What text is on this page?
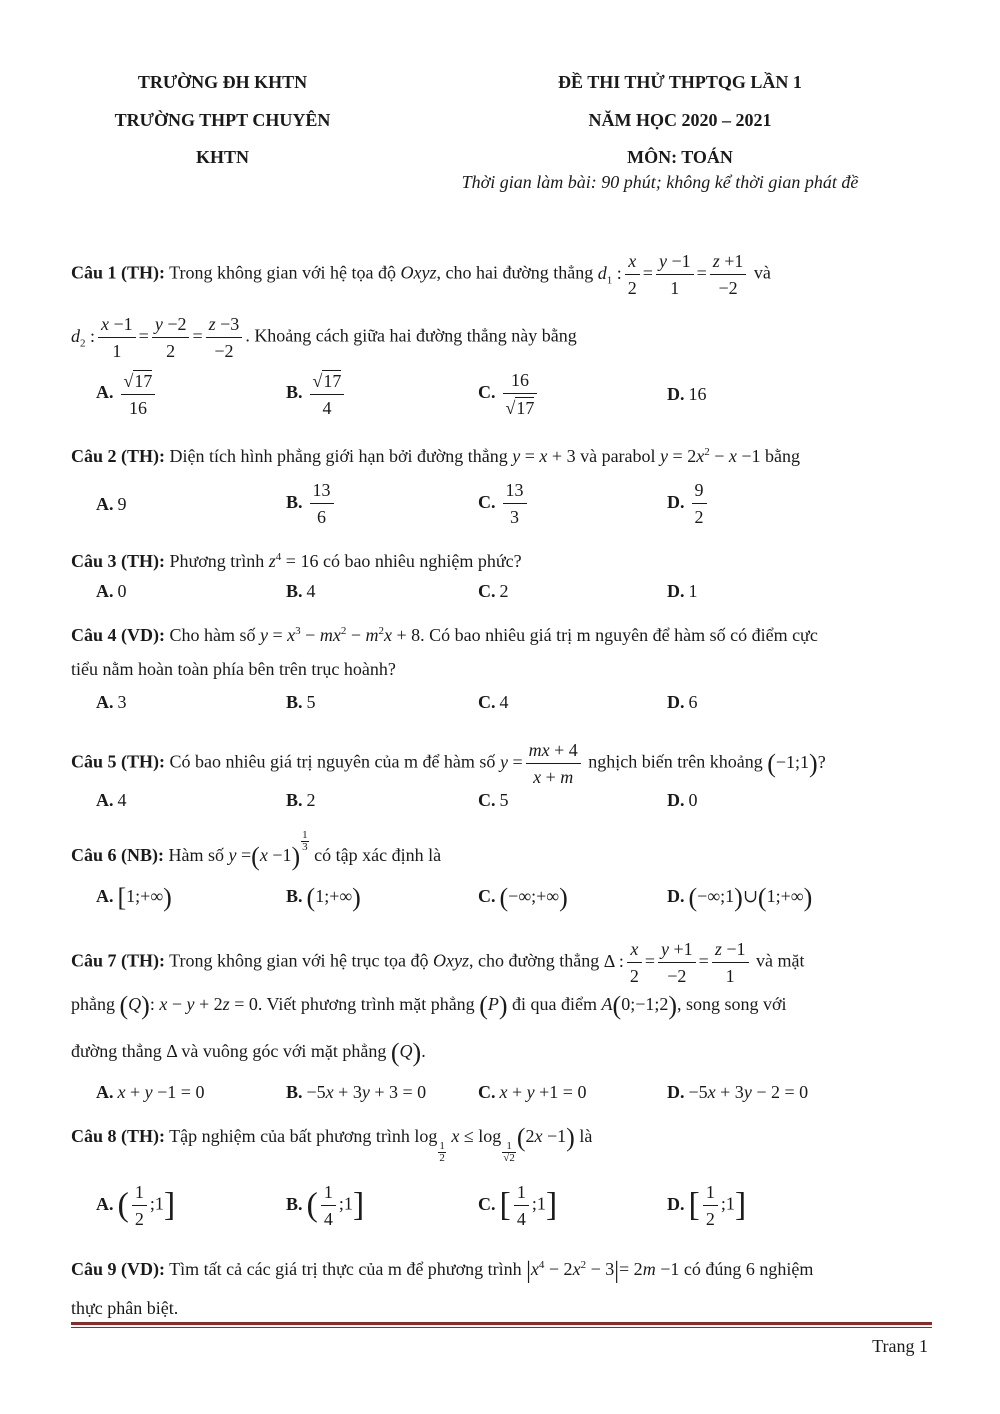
TRƯỜNG ĐH KHTN
TRƯỜNG THPT CHUYÊN
KHTN
ĐỀ THI THỬ THPTQG LẦN 1
NĂM HỌC 2020 – 2021
MÔN: TOÁN
Thời gian làm bài: 90 phút; không kể thời gian phát đề
Câu 1 (TH): Trong không gian với hệ tọa độ Oxyz, cho hai đường thẳng $d_1$ : $\frac{x}{2} = \frac{y -1}{1} = \frac{z +1}{-2}$ và
$d_2$ : $\frac{x -1}{1} = \frac{y -2}{2} = \frac{z -3}{-2}$ . Khoảng cách giữa hai đường thẳng này bằng
A. $\frac{√17}{16}$	B. $\frac{√17}{4}$	C. $\frac{16}{√17}$	D. 16
Câu 2 (TH): Diện tích hình phẳng giới hạn bởi đường thẳng y = x + 3 và parabol $y = 2x^2 - x -1$ bằng
A. 9	B. $\frac{13}{6}$	C. $\frac{13}{3}$	D. $\frac{9}{2}$
Câu 3 (TH): Phương trình $z^4 = 16$ có bao nhiêu nghiệm phức?
A. 0	B. 4	C. 2	D. 1
Câu 4 (VD): Cho hàm số $y = x^3 - mx^2 - m^2x + 8$. Có bao nhiêu giá trị m nguyên để hàm số có điểm cực
tiểu nằm hoàn toàn phía bên trên trục hoành?
A. 3	B. 5	C. 4	D. 6
Câu 5 (TH): Có bao nhiêu giá trị nguyên của m để hàm số $y = \frac{mx + 4}{x + m}$ nghịch biến trên khoảng (−1;1)?
A. 4	B. 2	C. 5	D. 0
Câu 6 (NB): Hàm số y =(x −1)
$^{\frac{1}{3}}$
có tập xác định là
A. [1;+∞)	B. (1;+∞)	C. (−∞;+∞)	D. (−∞;1)∪(1;+∞)
Câu 7 (TH): Trong không gian với hệ trục tọa độ Oxyz, cho đường thẳng Δ : $\frac{x}{2} = \frac{y +1}{-2} = \frac{z -1}{1}$ và mặt
phẳng (Q): x − y + 2z = 0. Viết phương trình mặt phẳng (P) đi qua điểm A(0;−1;2), song song với
đường thẳng Δ và vuông góc với mặt phẳng (Q).
A. x + y −1 = 0	B. −5x + 3y + 3 = 0	C. x + y +1 = 0	D. −5x + 3y − 2 = 0
Câu 8 (TH): Tập nghiệm của bất phương trình log
$_{\frac{1}{2}}$
x ≤ log
$_{\frac{1}{√2}}$
(2x −1) là
A. ( $\frac{1}{2}$ ;1]	B. ( $\frac{1}{4}$ ;1]	C. [ $\frac{1}{4}$ ;1]	D. [ $\frac{1}{2}$ ;1]
Câu 9 (VD): Tìm tất cả các giá trị thực của m để phương trình $|x^4 - 2x^2 - 3|= 2m -1$ có đúng 6 nghiệm
thực phân biệt.
Trang 1
